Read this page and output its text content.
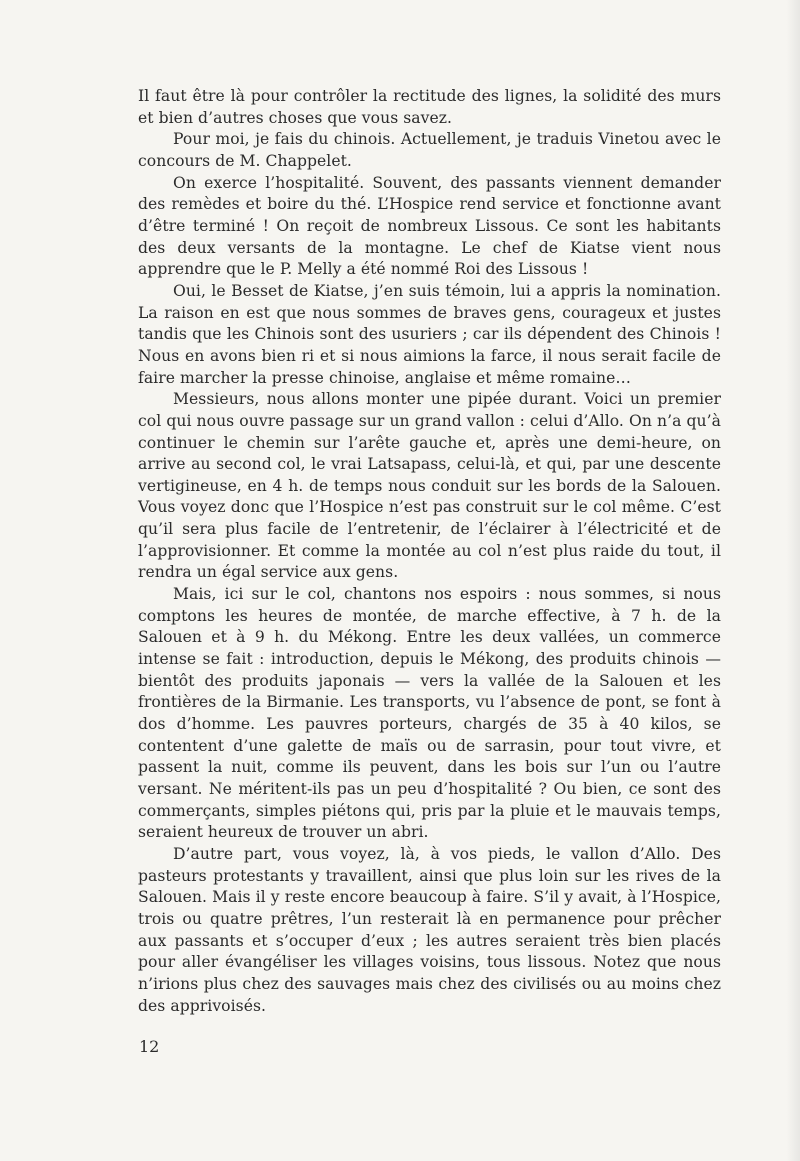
Il faut être là pour contrôler la rectitude des lignes, la solidité des murs et bien d’autres choses que vous savez.

Pour moi, je fais du chinois. Actuellement, je traduis Vinetou avec le concours de M. Chappelet.

On exerce l’hospitalité. Souvent, des passants viennent demander des remèdes et boire du thé. L’Hospice rend service et fonctionne avant d’être terminé ! On reçoit de nombreux Lissous. Ce sont les habitants des deux versants de la montagne. Le chef de Kiatse vient nous apprendre que le P. Melly a été nommé Roi des Lissous !

Oui, le Besset de Kiatse, j’en suis témoin, lui a appris la nomination. La raison en est que nous sommes de braves gens, courageux et justes tandis que les Chinois sont des usuriers ; car ils dépendent des Chinois ! Nous en avons bien ri et si nous aimions la farce, il nous serait facile de faire marcher la presse chinoise, anglaise et même romaine…

Messieurs, nous allons monter une pipée durant. Voici un premier col qui nous ouvre passage sur un grand vallon : celui d’Allo. On n’a qu’à continuer le chemin sur l’arête gauche et, après une demi-heure, on arrive au second col, le vrai Latsapass, celui-là, et qui, par une descente vertigineuse, en 4 h. de temps nous conduit sur les bords de la Salouen. Vous voyez donc que l’Hospice n’est pas construit sur le col même. C’est qu’il sera plus facile de l’entretenir, de l’éclairer à l’électricité et de l’approvisionner. Et comme la montée au col n’est plus raide du tout, il rendra un égal service aux gens.

Mais, ici sur le col, chantons nos espoirs : nous sommes, si nous comptons les heures de montée, de marche effective, à 7 h. de la Salouen et à 9 h. du Mékong. Entre les deux vallées, un commerce intense se fait : introduction, depuis le Mékong, des produits chinois — bientôt des produits japonais — vers la vallée de la Salouen et les frontières de la Birmanie. Les transports, vu l’absence de pont, se font à dos d’homme. Les pauvres porteurs, chargés de 35 à 40 kilos, se contentent d’une galette de maïs ou de sarrasin, pour tout vivre, et passent la nuit, comme ils peuvent, dans les bois sur l’un ou l’autre versant. Ne méritent-ils pas un peu d’hospitalité ? Ou bien, ce sont des commerçants, simples piétons qui, pris par la pluie et le mauvais temps, seraient heureux de trouver un abri.

D’autre part, vous voyez, là, à vos pieds, le vallon d’Allo. Des pasteurs protestants y travaillent, ainsi que plus loin sur les rives de la Salouen. Mais il y reste encore beaucoup à faire. S’il y avait, à l’Hospice, trois ou quatre prêtres, l’un resterait là en permanence pour prêcher aux passants et s’occuper d’eux ; les autres seraient très bien placés pour aller évangéliser les villages voisins, tous lissous. Notez que nous n’irions plus chez des sauvages mais chez des civilisés ou au moins chez des apprivoisés.

12
